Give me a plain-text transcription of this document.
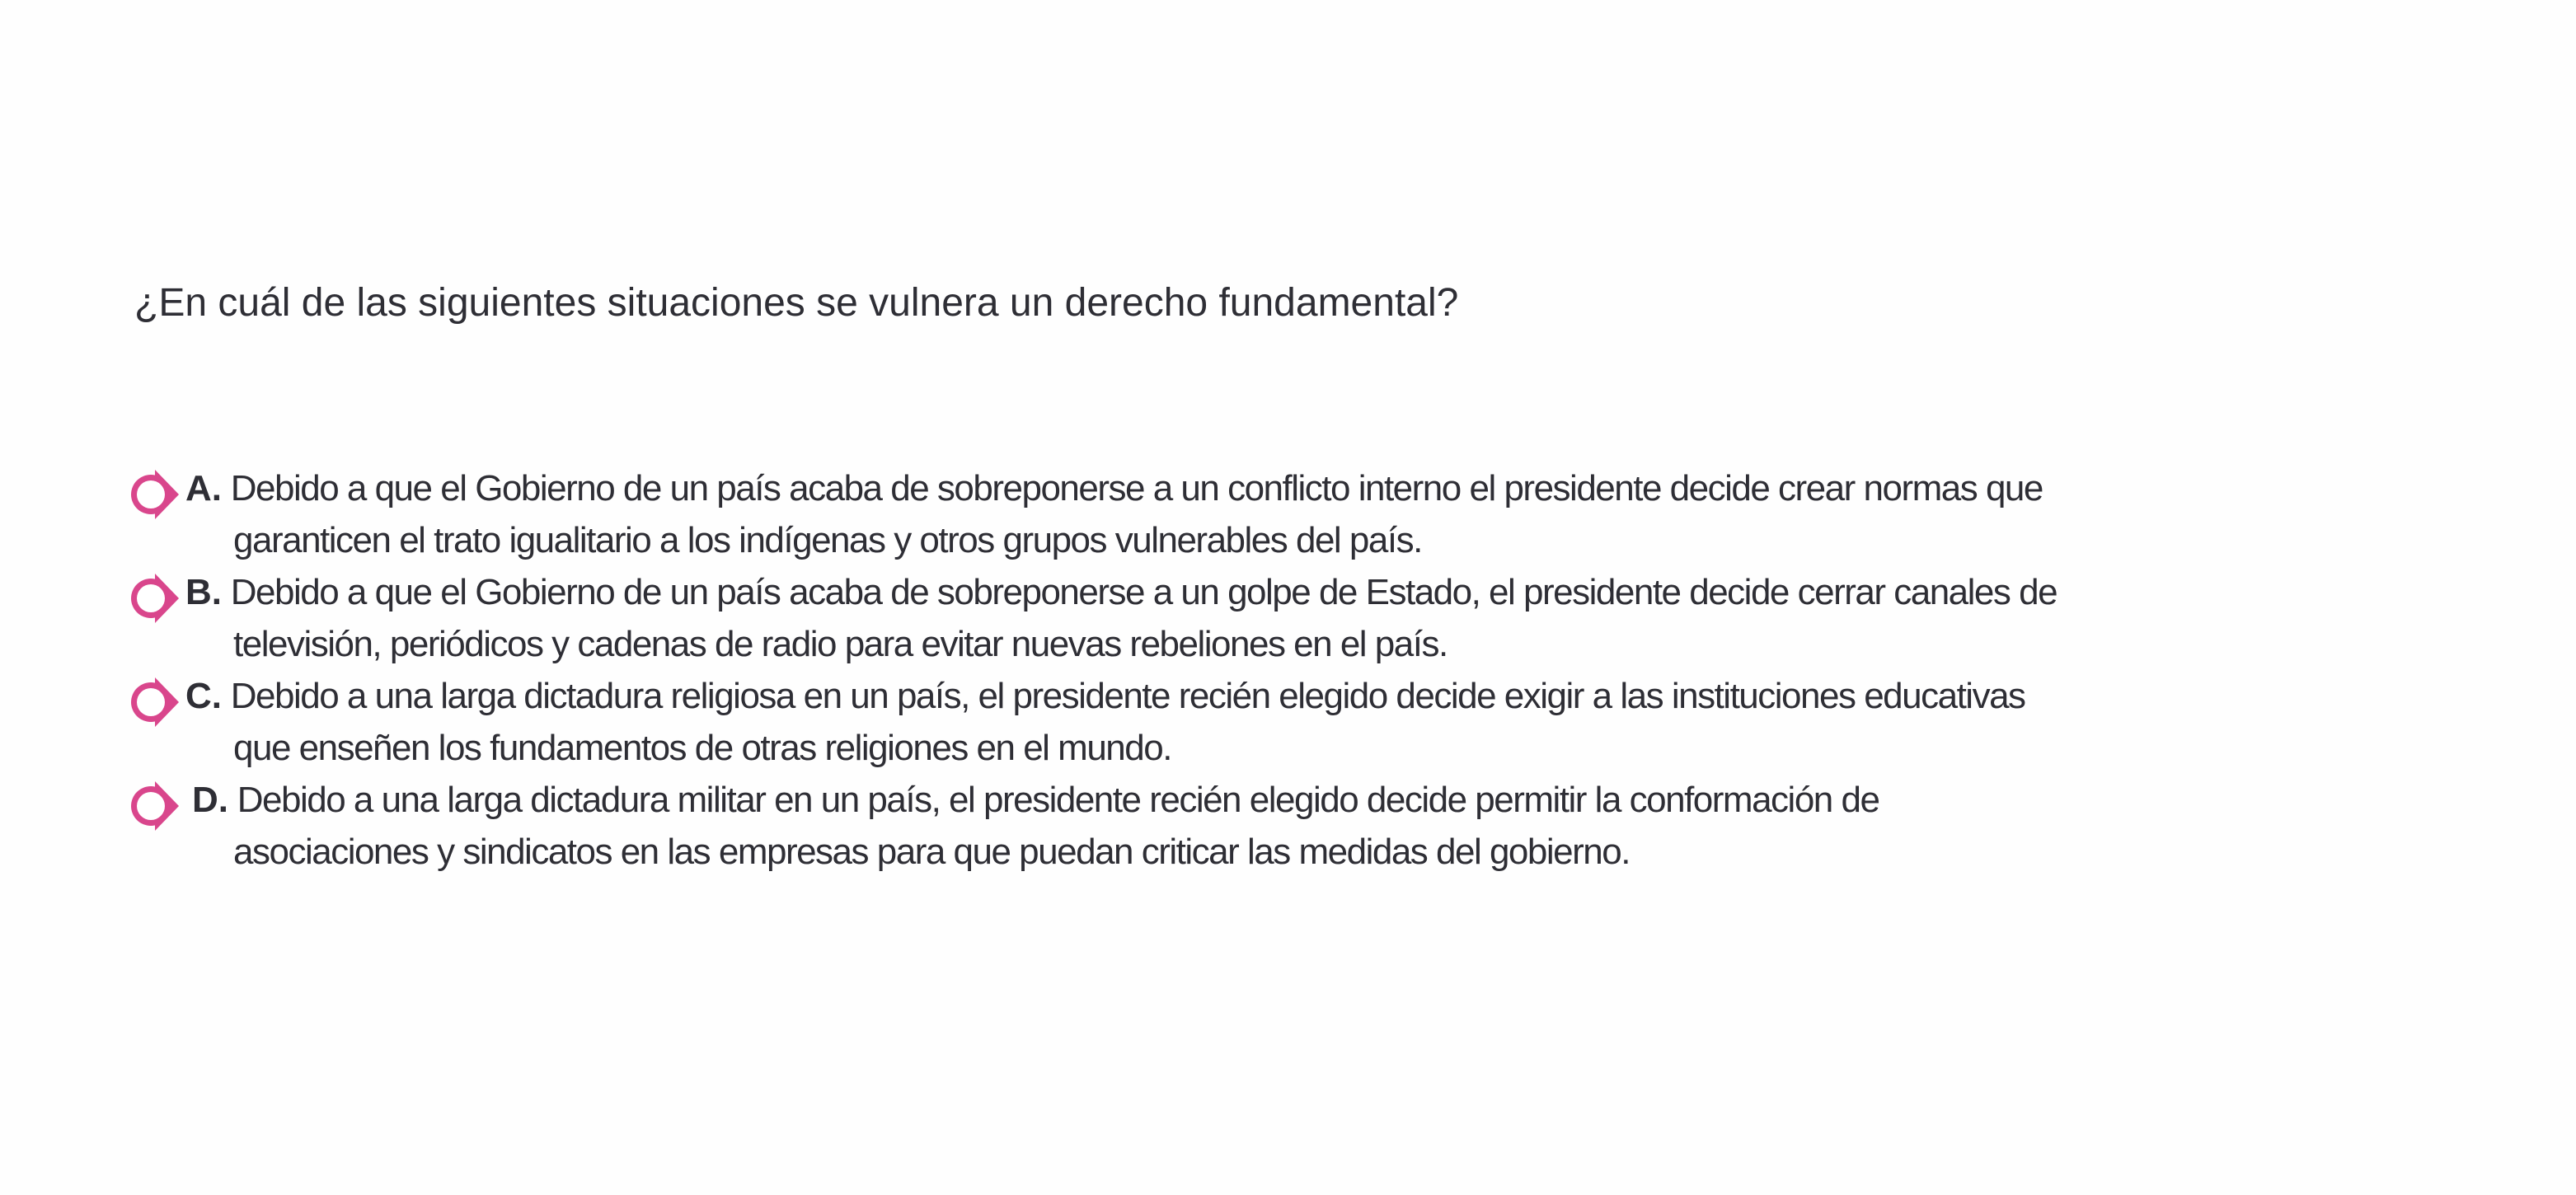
¿En cuál de las siguientes situaciones se vulnera un derecho fundamental?
A. Debido a que el Gobierno de un país acaba de sobreponerse a un conflicto interno el presidente decide crear normas que
garanticen el trato igualitario a los indígenas y otros grupos vulnerables del país.
B. Debido a que el Gobierno de un país acaba de sobreponerse a un golpe de Estado, el presidente decide cerrar canales de
televisión, periódicos y cadenas de radio para evitar nuevas rebeliones en el país.
C. Debido a una larga dictadura religiosa en un país, el presidente recién elegido decide exigir a las instituciones educativas
que enseñen los fundamentos de otras religiones en el mundo.
D. Debido a una larga dictadura militar en un país, el presidente recién elegido decide permitir la conformación de
asociaciones y sindicatos en las empresas para que puedan criticar las medidas del gobierno.
